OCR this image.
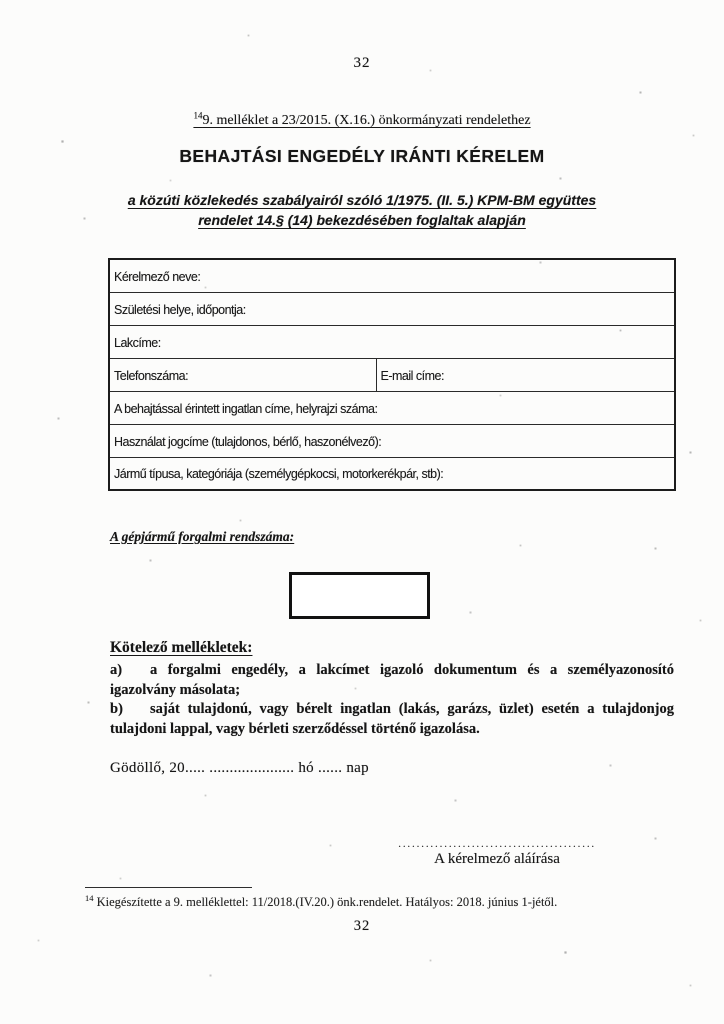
32
$^{14}$9. melléklet a 23/2015. (X.16.) önkormányzati rendelethez
BEHAJTÁSI ENGEDÉLY IRÁNTI KÉRELEM
a közúti közlekedés szabályairól szóló 1/1975. (II. 5.) KPM-BM együttes
rendelet 14.§ (14) bekezdésében foglaltak alapján
Kérelmező neve:
Születési helye, időpontja:
Lakcíme:
Telefonszáma:	E-mail címe:
A behajtással érintett ingatlan címe, helyrajzi száma:
Használat jogcíme (tulajdonos, bérlő, haszonélvező):
Jármű típusa, kategóriája (személygépkocsi, motorkerékpár, stb):
A gépjármű forgalmi rendszáma:
Kötelező mellékletek:

a) a forgalmi engedély, a lakcímet igazoló dokumentum és a személyazonosító igazolvány másolata;

b) saját tulajdonú, vagy bérelt ingatlan (lakás, garázs, üzlet) esetén a tulajdonjog tulajdoni lappal, vagy bérleti szerződéssel történő igazolása.

Gödöllő, 20..... ..................... hó ...... nap
...........................................
A kérelmező aláírása
$^{14}$ Kiegészítette a 9. melléklettel: 11/2018.(IV.20.) önk.rendelet. Hatályos: 2018. június 1-jétől.
32
